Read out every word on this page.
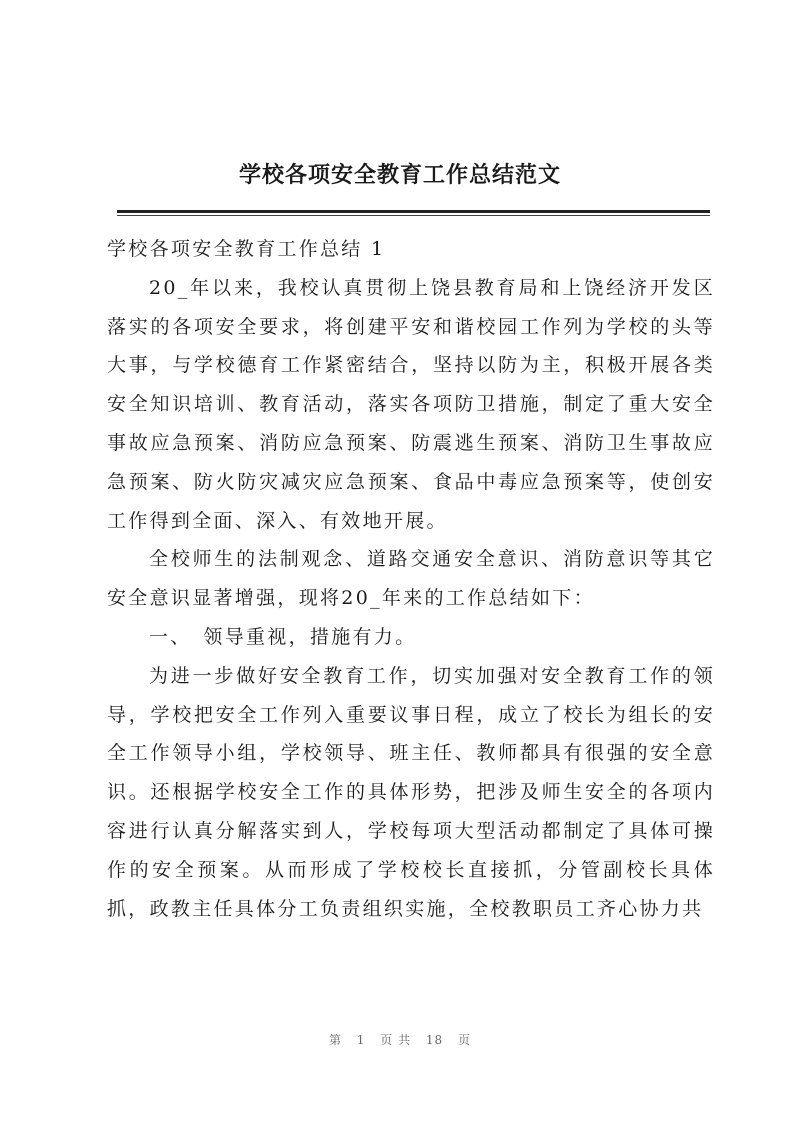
学校各项安全教育工作总结范文

学校各项安全教育工作总结 1

20_年以来，我校认真贯彻上饶县教育局和上饶经济开发区落实的各项安全要求，将创建平安和谐校园工作列为学校的头等大事，与学校德育工作紧密结合，坚持以防为主，积极开展各类安全知识培训、教育活动，落实各项防卫措施，制定了重大安全事故应急预案、消防应急预案、防震逃生预案、消防卫生事故应急预案、防火防灾减灾应急预案、食品中毒应急预案等，使创安工作得到全面、深入、有效地开展。

全校师生的法制观念、道路交通安全意识、消防意识等其它安全意识显著增强，现将20_年来的工作总结如下：

一、　领导重视，措施有力。

为进一步做好安全教育工作，切实加强对安全教育工作的领导，学校把安全工作列入重要议事日程，成立了校长为组长的安全工作领导小组，学校领导、班主任、教师都具有很强的安全意识。还根据学校安全工作的具体形势，把涉及师生安全的各项内容进行认真分解落实到人，学校每项大型活动都制定了具体可操作的安全预案。从而形成了学校校长直接抓，分管副校长具体抓，政教主任具体分工负责组织实施，全校教职员工齐心协力共

第 1 页 共 18 页
